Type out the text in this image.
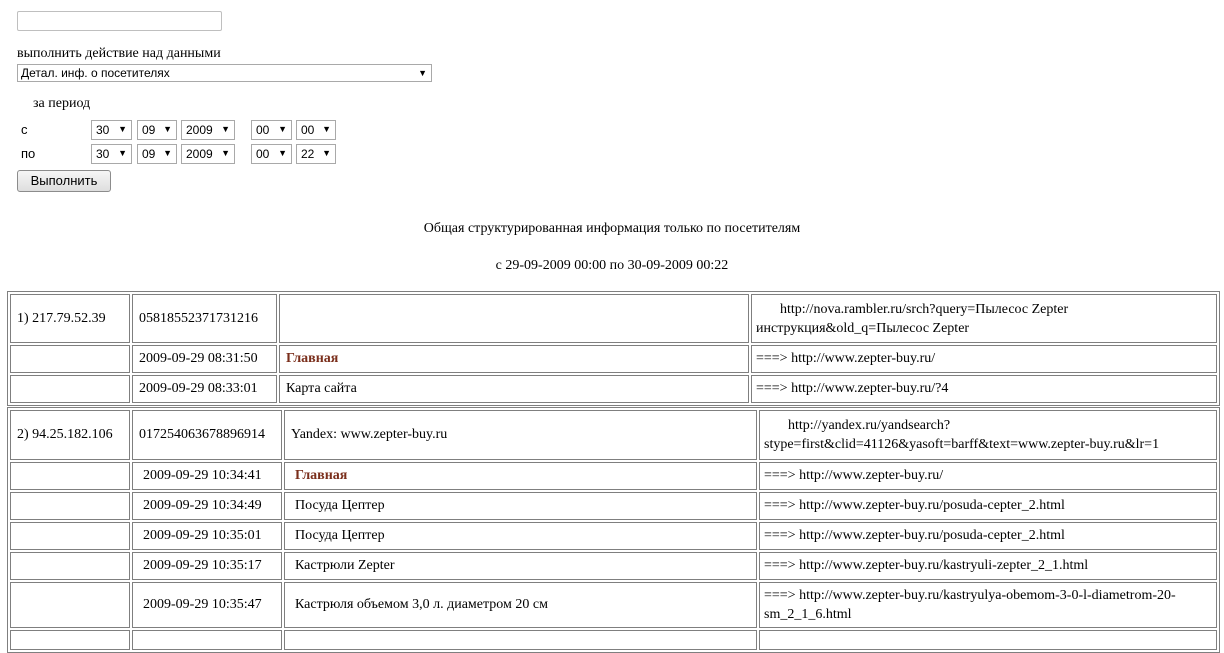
выполнить действие над данными
Детал. инф. о посетителях	▼
за период
с	30 ▼	09 ▼	2009 ▼	00 ▼	00 ▼
по	30 ▼	09 ▼	2009 ▼	00 ▼	22 ▼
Выполнить
Общая структурированная информация только по посетителям
с 29-09-2009 00:00 по 30-09-2009 00:22
1) 217.79.52.39	05818552371731216		http://nova.rambler.ru/srch?query=Пылесос Zepter инструкция&old_q=Пылесос Zepter
	2009-09-29 08:31:50	Главная	===> http://www.zepter-buy.ru/
	2009-09-29 08:33:01	Карта сайта	===> http://www.zepter-buy.ru/?4
2) 94.25.182.106	017254063678896914	Yandex: www.zepter-buy.ru	http://yandex.ru/yandsearch?stype=first&clid=41126&yasoft=barff&text=www.zepter-buy.ru&lr=1
	2009-09-29 10:34:41	Главная	===> http://www.zepter-buy.ru/
	2009-09-29 10:34:49	Посуда Цептер	===> http://www.zepter-buy.ru/posuda-cepter_2.html
	2009-09-29 10:35:01	Посуда Цептер	===> http://www.zepter-buy.ru/posuda-cepter_2.html
	2009-09-29 10:35:17	Кастрюли Zepter	===> http://www.zepter-buy.ru/kastryuli-zepter_2_1.html
	2009-09-29 10:35:47	Кастрюля объемом 3,0 л. диаметром 20 см	===> http://www.zepter-buy.ru/kastryulya-obemom-3-0-l-diametrom-20-sm_2_1_6.html
